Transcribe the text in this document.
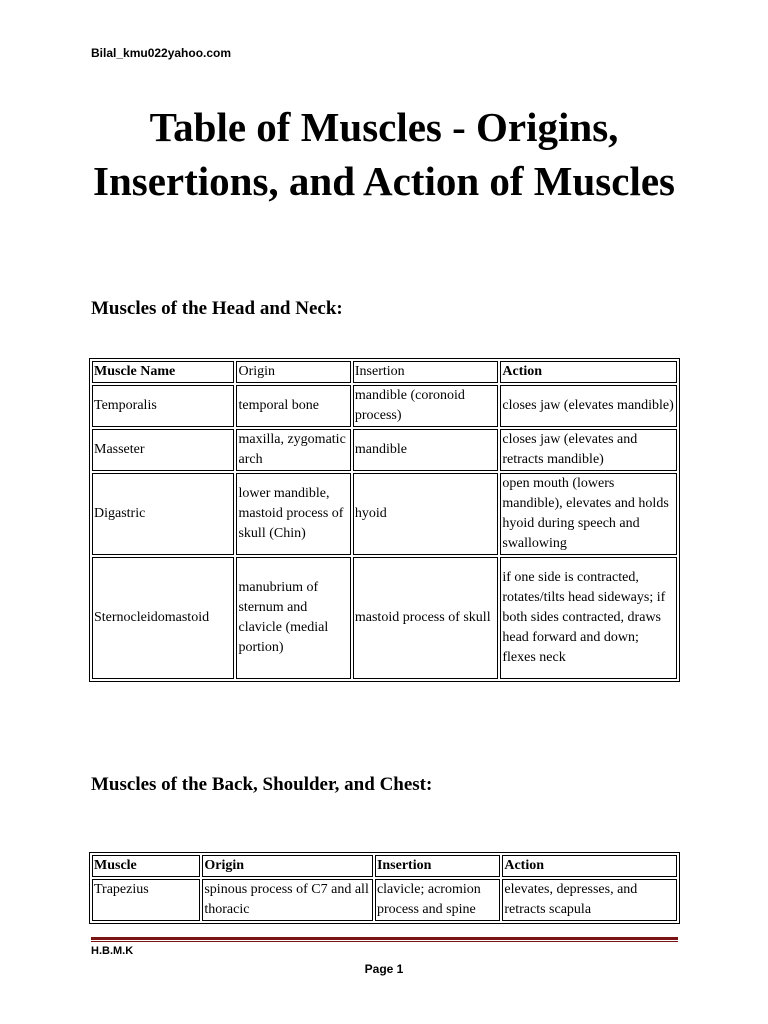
Bilal_kmu022yahoo.com
Table of Muscles - Origins, Insertions, and Action of Muscles
Muscles of the Head and Neck:
Muscle Name	Origin	Insertion	Action
Temporalis	temporal bone	mandible (coronoid process)	closes jaw (elevates mandible)
Masseter	maxilla, zygomatic arch	mandible	closes jaw (elevates and retracts mandible)
Digastric	lower mandible, mastoid process of skull (Chin)	hyoid	open mouth (lowers mandible), elevates and holds hyoid during speech and swallowing
Sternocleidomastoid	manubrium of sternum and clavicle (medial portion)	mastoid process of skull	if one side is contracted, rotates/tilts head sideways; if both sides contracted, draws head forward and down; flexes neck
Muscles of the Back, Shoulder, and Chest:
Muscle	Origin	Insertion	Action
Trapezius	spinous process of C7 and all thoracic	clavicle; acromion process and spine	elevates, depresses, and retracts scapula
H.B.M.K
Page 1
